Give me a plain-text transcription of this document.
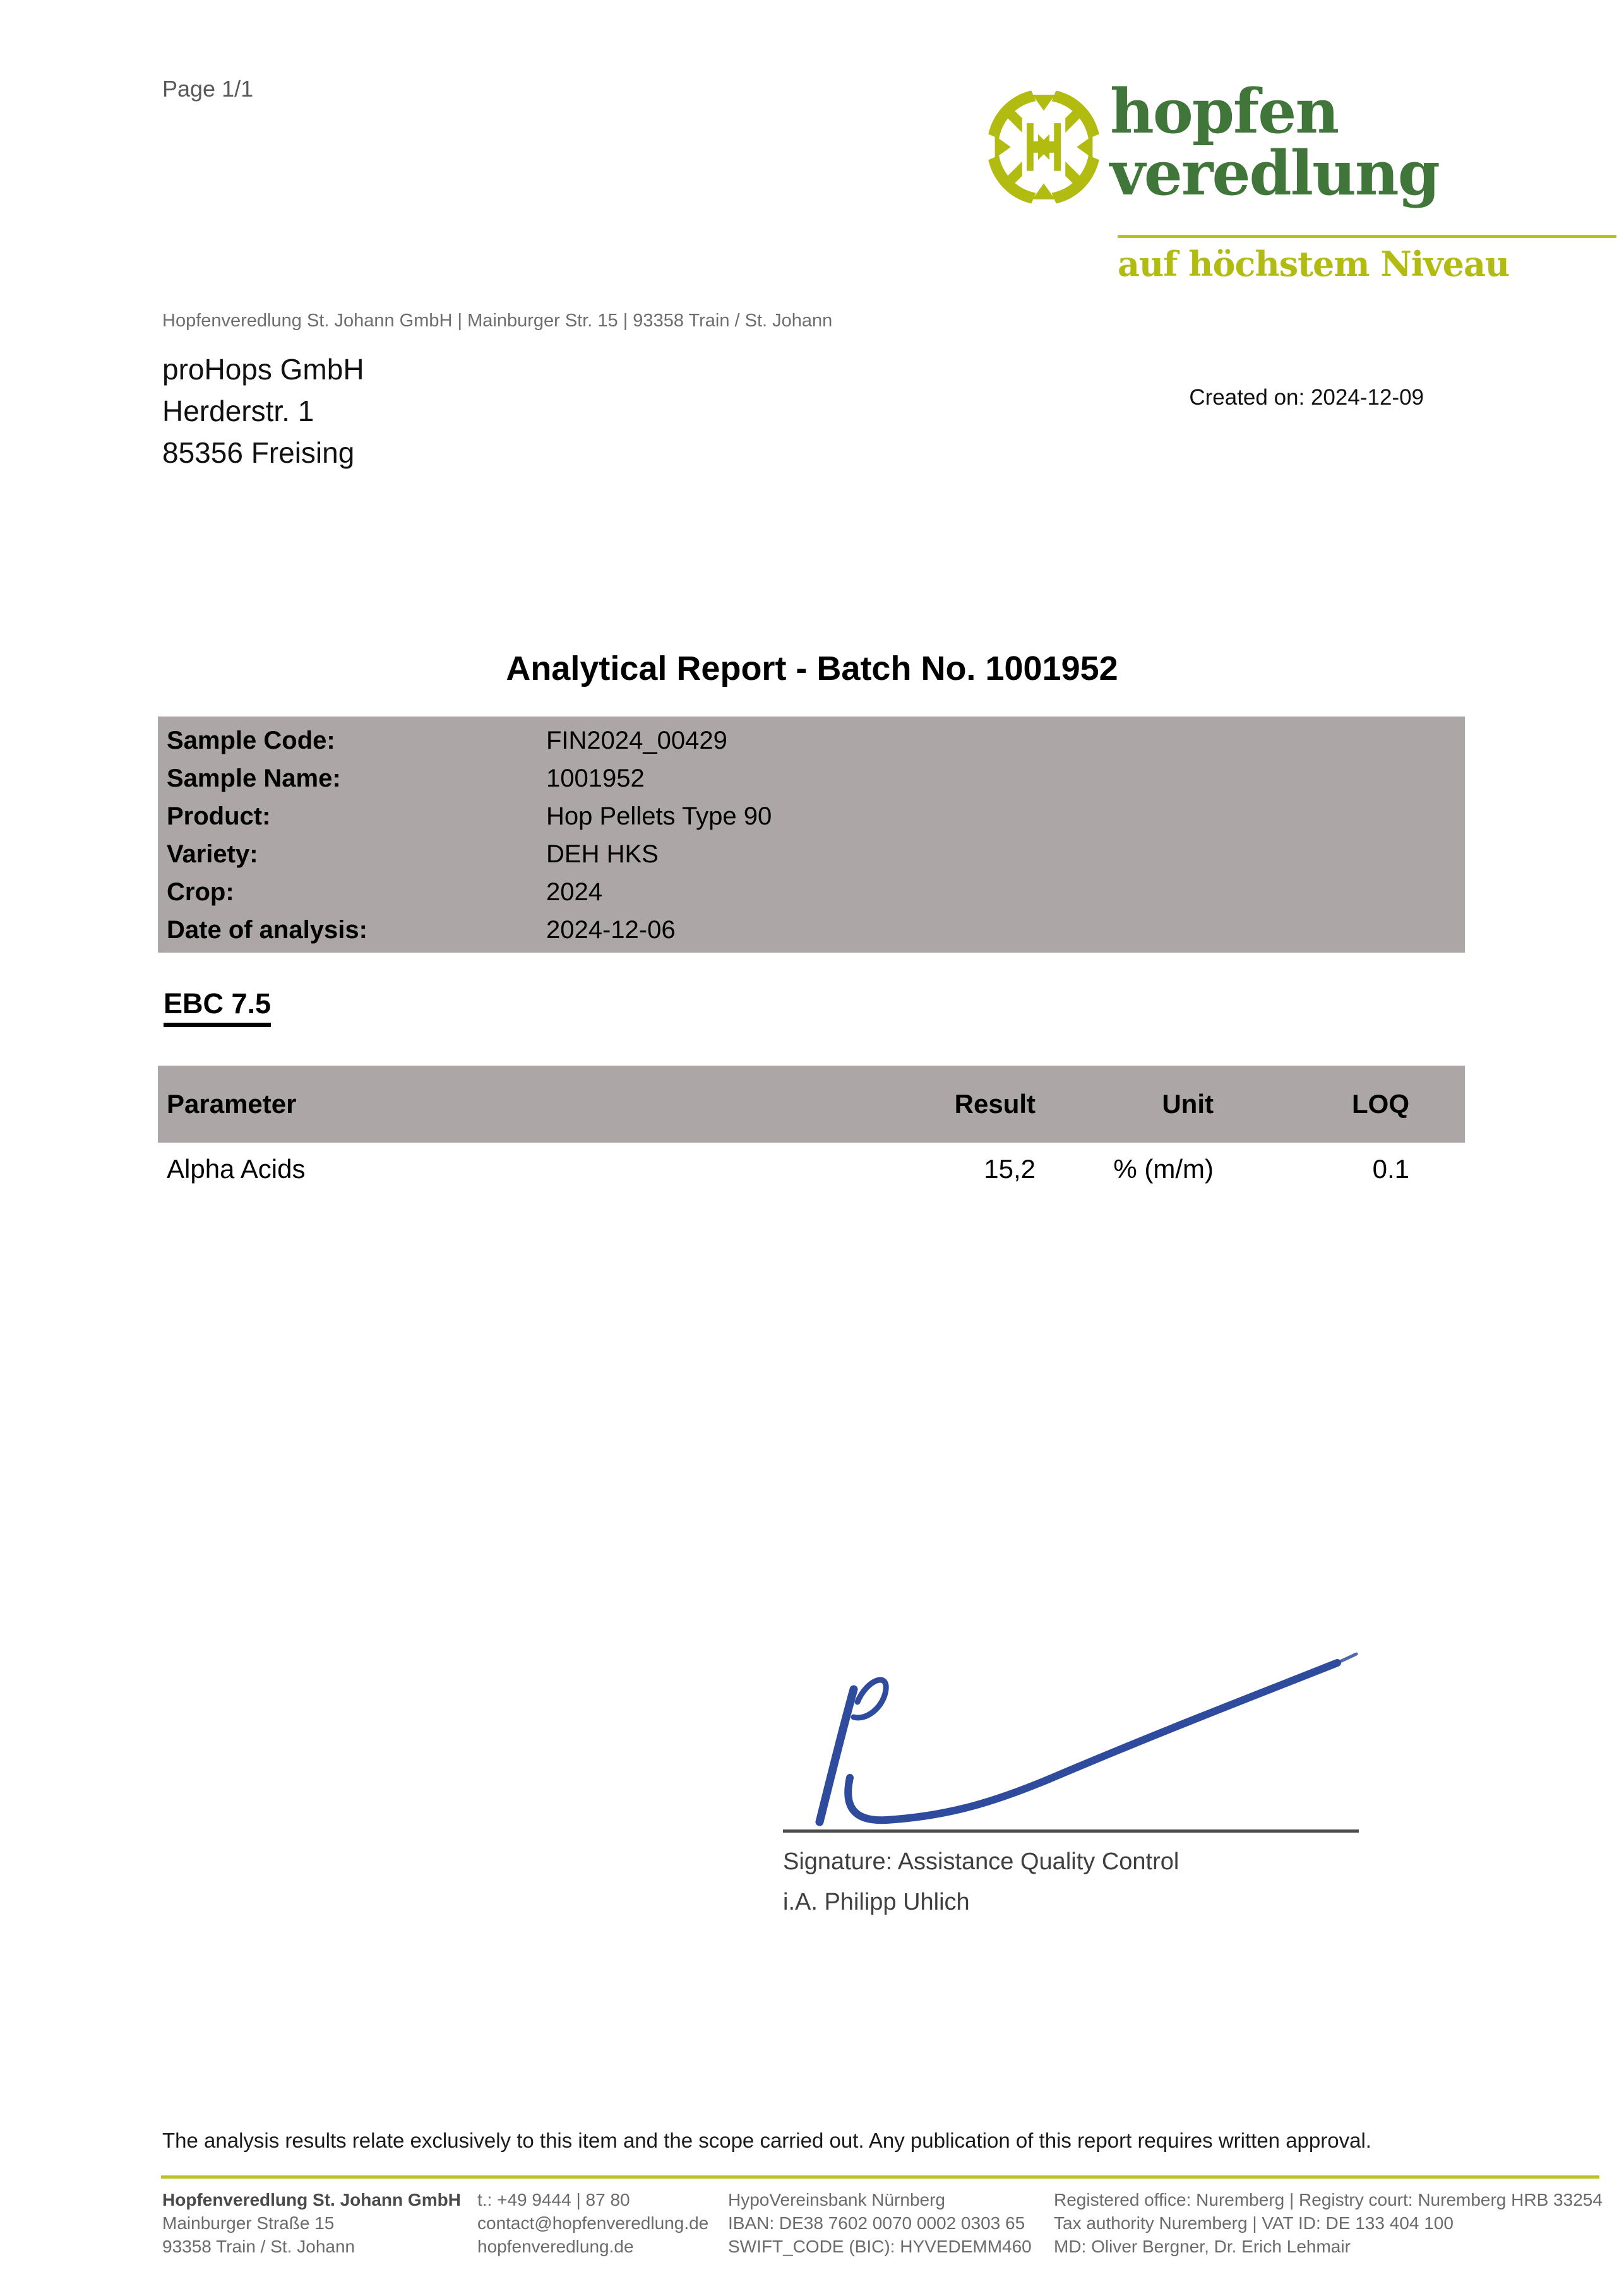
Page 1/1	hopfen
veredlung
auf höchstem Niveau
Hopfenveredlung St. Johann GmbH | Mainburger Str. 15 | 93358 Train / St. Johann
proHops GmbH
Herderstr. 1
85356 Freising
Created on: 2024-12-09
Analytical Report - Batch No. 1001952
Sample Code:	FIN2024_00429
Sample Name:	1001952
Product:	Hop Pellets Type 90
Variety:	DEH HKS
Crop:	2024
Date of analysis:	2024-12-06
EBC 7.5
Parameter	Result	Unit	LOQ
Alpha Acids	15,2	% (m/m)	0.1
Signature: Assistance Quality Control
i.A. Philipp Uhlich
The analysis results relate exclusively to this item and the scope carried out. Any publication of this report requires written approval.
Hopfenveredlung St. Johann GmbH
Mainburger Straße 15
93358 Train / St. Johann
t.: +49 9444 | 87 80
contact@hopfenveredlung.de
hopfenveredlung.de
HypoVereinsbank Nürnberg
IBAN: DE38 7602 0070 0002 0303 65
SWIFT_CODE (BIC): HYVEDEMM460
Registered office: Nuremberg | Registry court: Nuremberg HRB 33254
Tax authority Nuremberg | VAT ID: DE 133 404 100
MD: Oliver Bergner, Dr. Erich Lehmair
